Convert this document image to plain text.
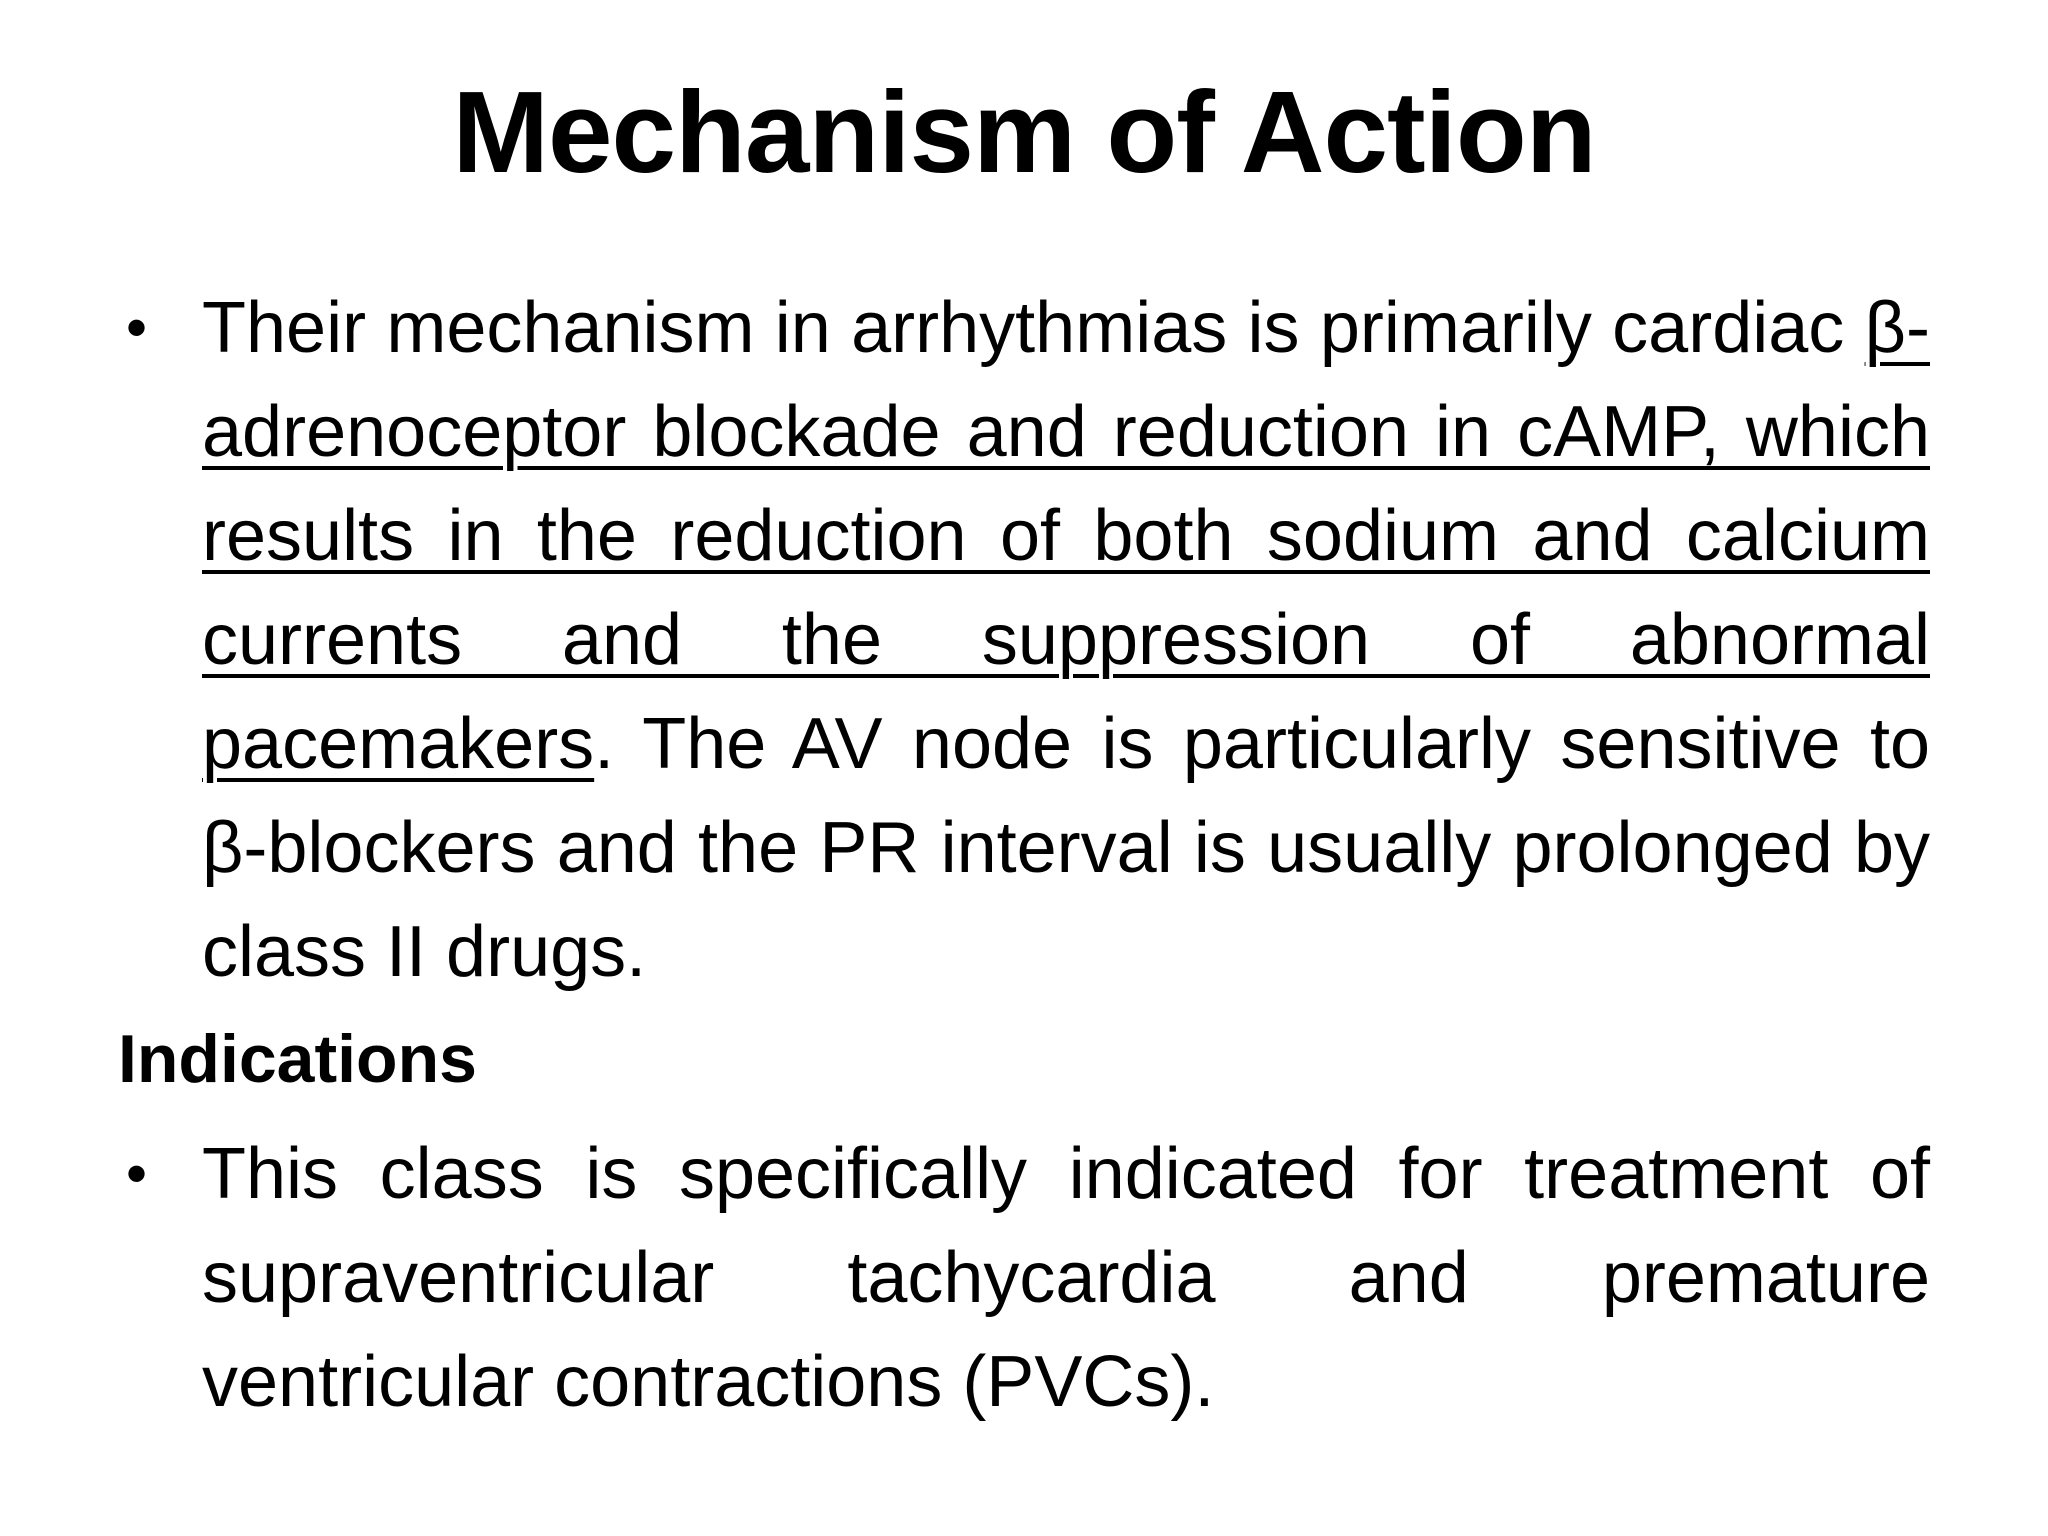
Mechanism of Action
• Their mechanism in arrhythmias is primarily cardiac β-adrenoceptor blockade and reduction in cAMP, which results in the reduction of both sodium and calcium currents and the suppression of abnormal pacemakers. The AV node is particularly sensitive to β-blockers and the PR interval is usually prolonged by class II drugs.
Indications
• This class is specifically indicated for treatment of supraventricular tachycardia and premature ventricular contractions (PVCs).
